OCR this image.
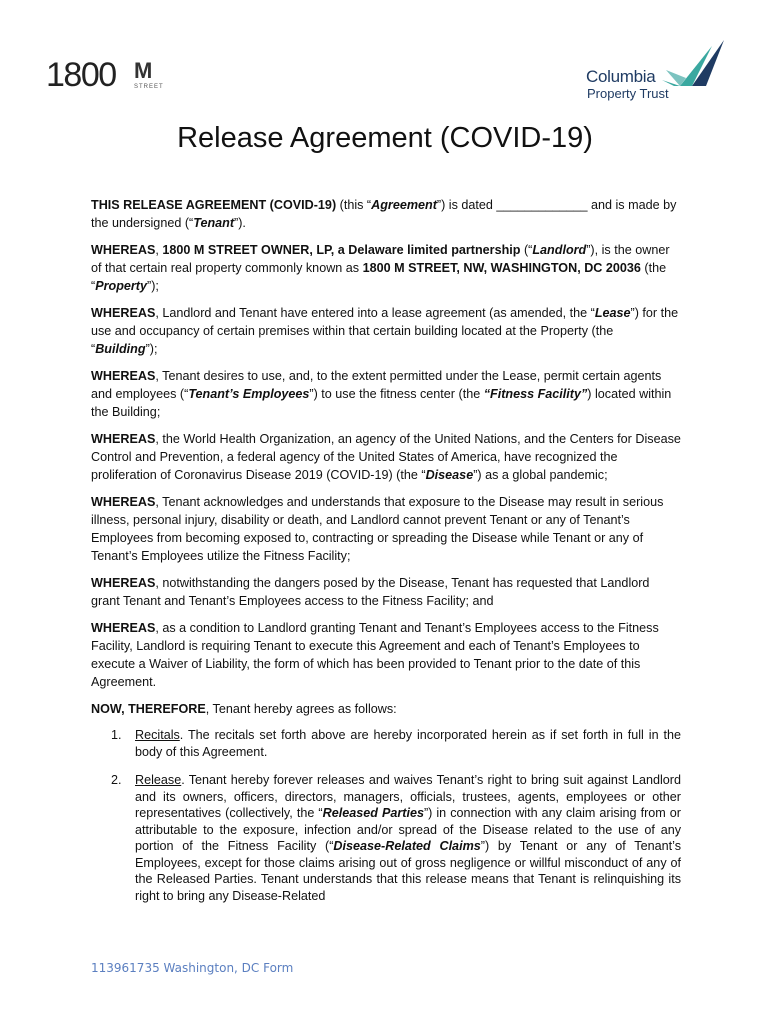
1800 M
STREET
Columbia
Property Trust
Release Agreement (COVID-19)

THIS RELEASE AGREEMENT (COVID-19) (this “Agreement”) is dated _____________ and is made by the undersigned (“Tenant”).

WHEREAS, 1800 M STREET OWNER, LP, a Delaware limited partnership (“Landlord”), is the owner of that certain real property commonly known as 1800 M STREET, NW, WASHINGTON, DC 20036 (the “Property”);

WHEREAS, Landlord and Tenant have entered into a lease agreement (as amended, the “Lease”) for the use and occupancy of certain premises within that certain building located at the Property (the “Building”);

WHEREAS, Tenant desires to use, and, to the extent permitted under the Lease, permit certain agents and employees (“Tenant’s Employees”) to use the fitness center (the “Fitness Facility”) located within the Building;

WHEREAS, the World Health Organization, an agency of the United Nations, and the Centers for Disease Control and Prevention, a federal agency of the United States of America, have recognized the proliferation of Coronavirus Disease 2019 (COVID-19) (the “Disease”) as a global pandemic;

WHEREAS, Tenant acknowledges and understands that exposure to the Disease may result in serious illness, personal injury, disability or death, and Landlord cannot prevent Tenant or any of Tenant’s Employees from becoming exposed to, contracting or spreading the Disease while Tenant or any of Tenant’s Employees utilize the Fitness Facility;

WHEREAS, notwithstanding the dangers posed by the Disease, Tenant has requested that Landlord grant Tenant and Tenant’s Employees access to the Fitness Facility; and

WHEREAS, as a condition to Landlord granting Tenant and Tenant’s Employees access to the Fitness Facility, Landlord is requiring Tenant to execute this Agreement and each of Tenant’s Employees to execute a Waiver of Liability, the form of which has been provided to Tenant prior to the date of this Agreement.

NOW, THEREFORE, Tenant hereby agrees as follows:

1. Recitals. The recitals set forth above are hereby incorporated herein as if set forth in full in the body of this Agreement.
2. Release. Tenant hereby forever releases and waives Tenant’s right to bring suit against Landlord and its owners, officers, directors, managers, officials, trustees, agents, employees or other representatives (collectively, the “Released Parties”) in connection with any claim arising from or attributable to the exposure, infection and/or spread of the Disease related to the use of any portion of the Fitness Facility (“Disease-Related Claims”) by Tenant or any of Tenant’s Employees, except for those claims arising out of gross negligence or willful misconduct of any of the Released Parties. Tenant understands that this release means that Tenant is relinquishing its right to bring any Disease-Related
113961735 Washington, DC Form
